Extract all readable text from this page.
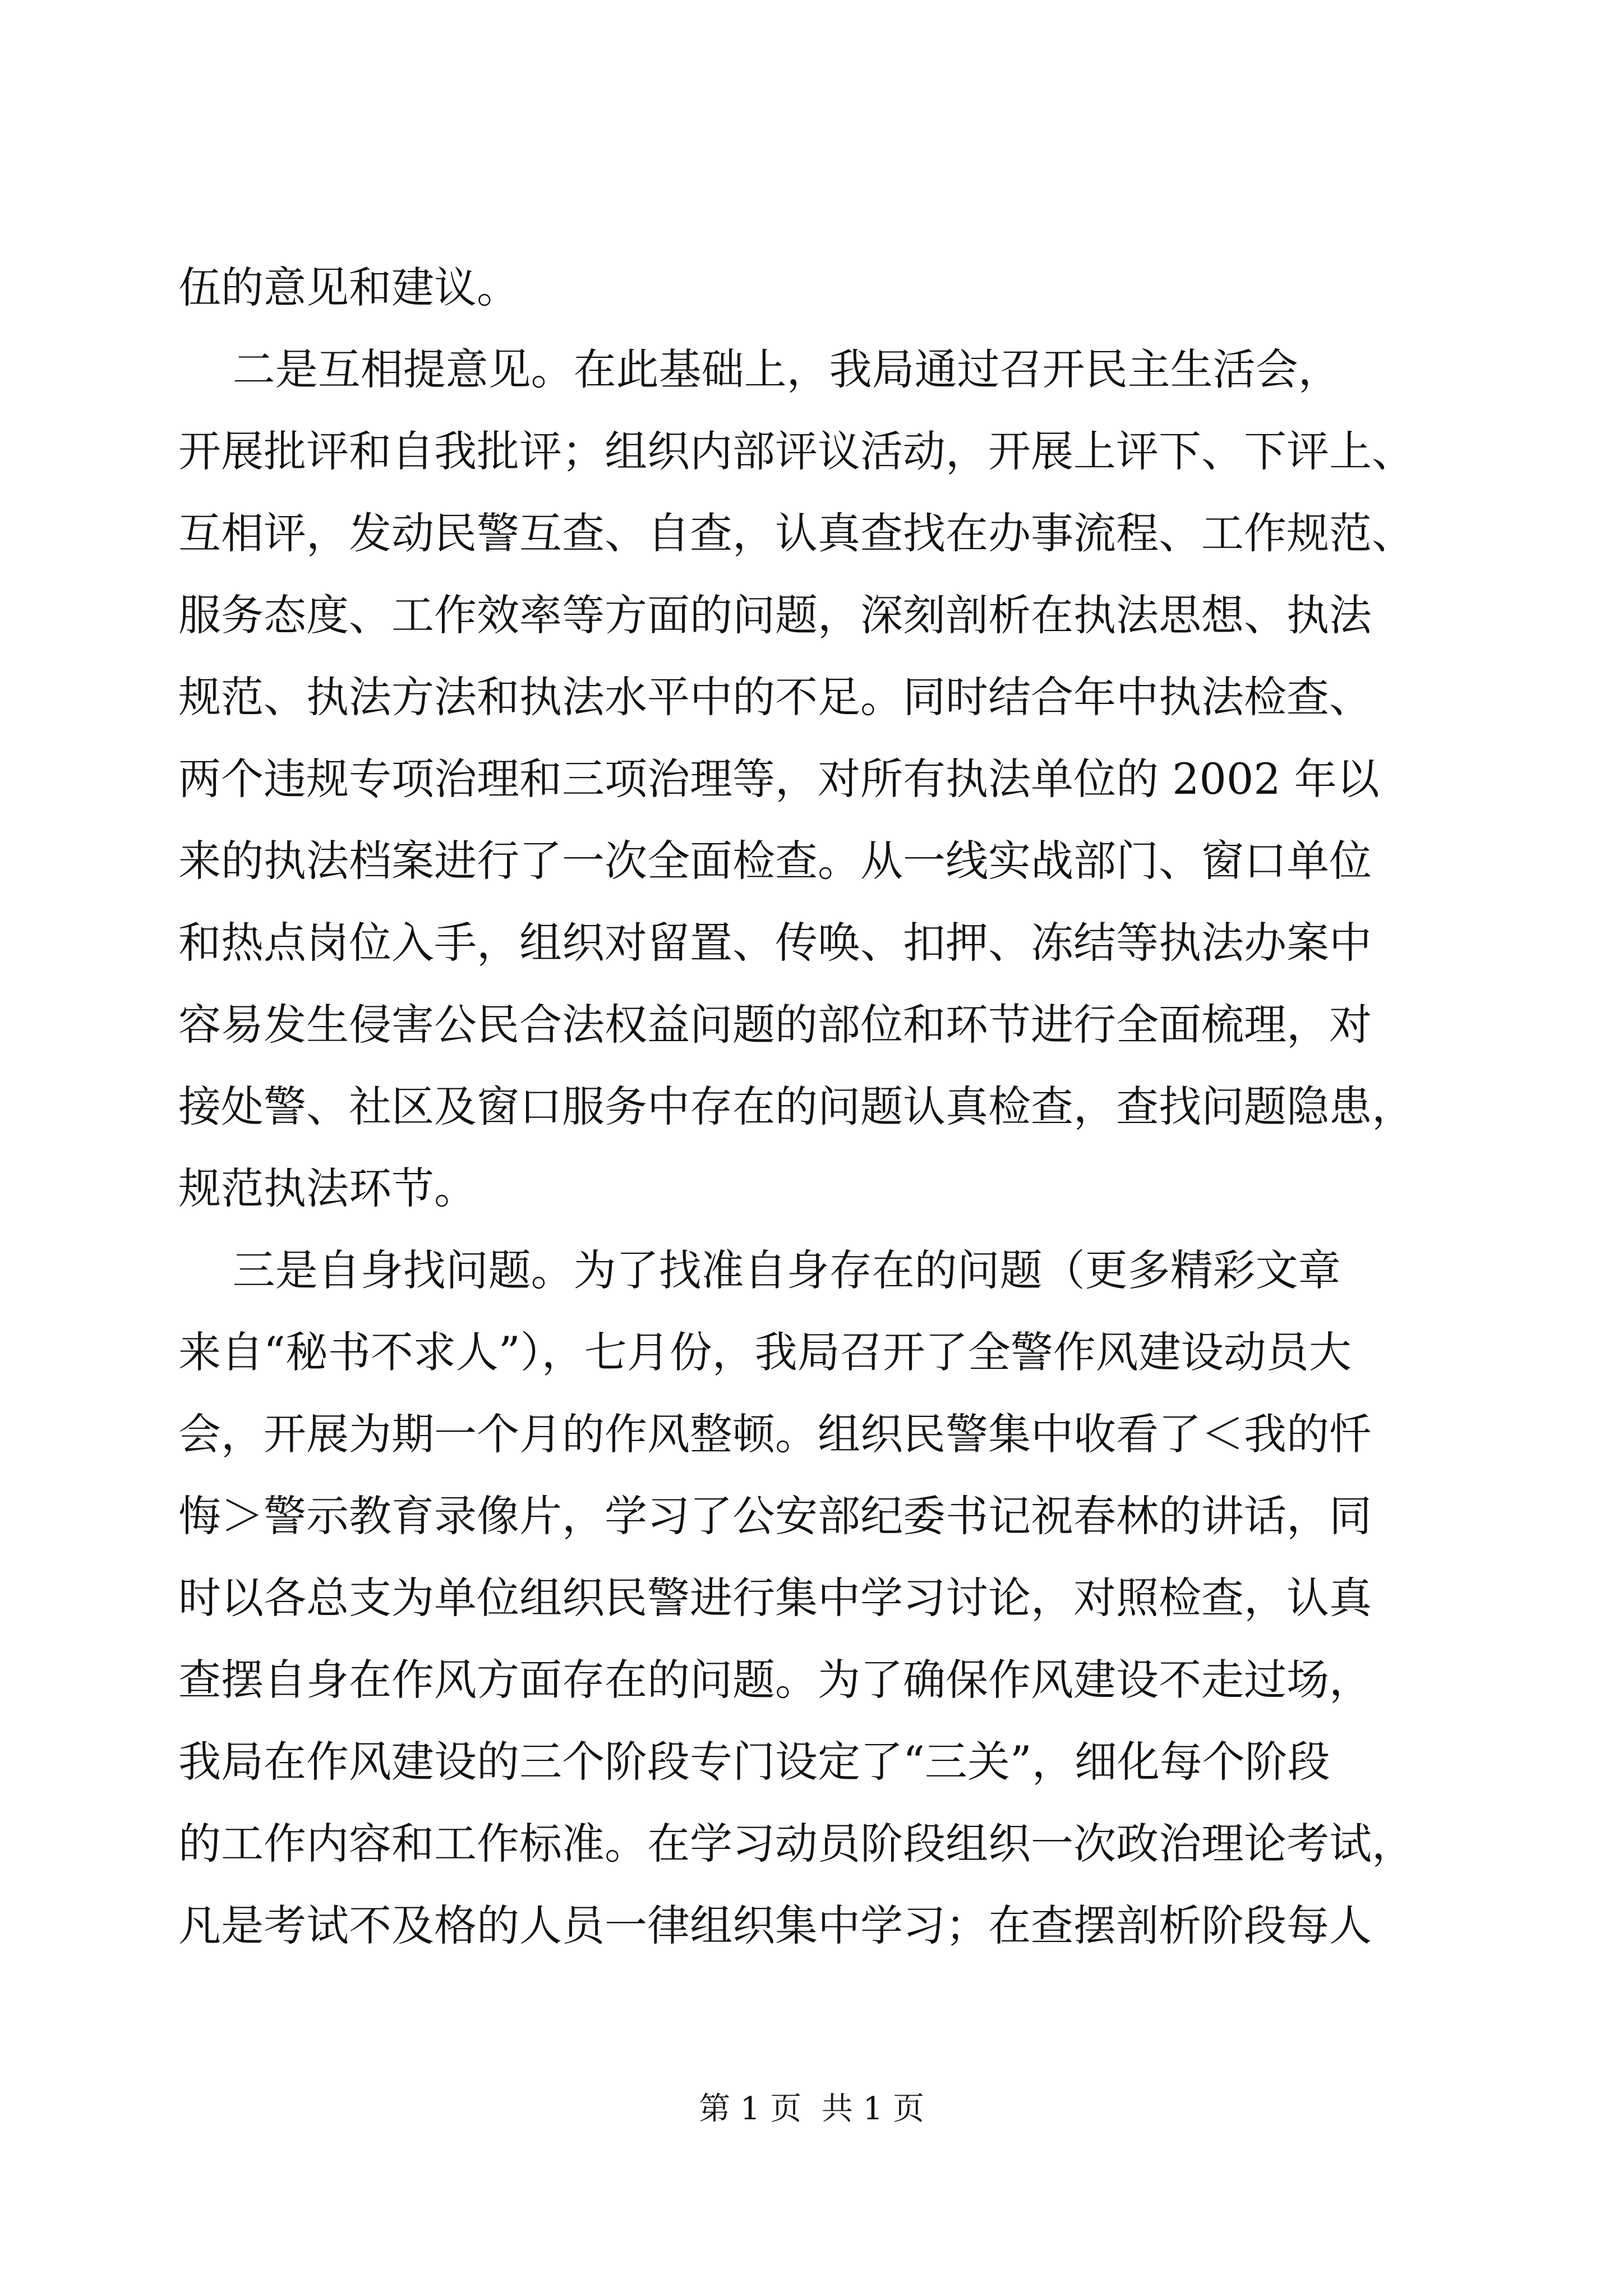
伍的意见和建议。
二是互相提意见。在此基础上，我局通过召开民主生活会，
开展批评和自我批评；组织内部评议活动，开展上评下、下评上、
互相评，发动民警互查、自查，认真查找在办事流程、工作规范、
服务态度、工作效率等方面的问题，深刻剖析在执法思想、执法
规范、执法方法和执法水平中的不足。同时结合年中执法检查、
两个违规专项治理和三项治理等，对所有执法单位的 2002 年以
来的执法档案进行了一次全面检查。从一线实战部门、窗口单位
和热点岗位入手，组织对留置、传唤、扣押、冻结等执法办案中
容易发生侵害公民合法权益问题的部位和环节进行全面梳理，对
接处警、社区及窗口服务中存在的问题认真检查，查找问题隐患，
规范执法环节。
三是自身找问题。为了找准自身存在的问题（更多精彩文章
来自“秘书不求人”），七月份，我局召开了全警作风建设动员大
会，开展为期一个月的作风整顿。组织民警集中收看了＜我的忏
悔＞警示教育录像片，学习了公安部纪委书记祝春林的讲话，同
时以各总支为单位组织民警进行集中学习讨论，对照检查，认真
查摆自身在作风方面存在的问题。为了确保作风建设不走过场，
我局在作风建设的三个阶段专门设定了“三关”，细化每个阶段
的工作内容和工作标准。在学习动员阶段组织一次政治理论考试，
凡是考试不及格的人员一律组织集中学习；在查摆剖析阶段每人
第 1 页  共 1 页
